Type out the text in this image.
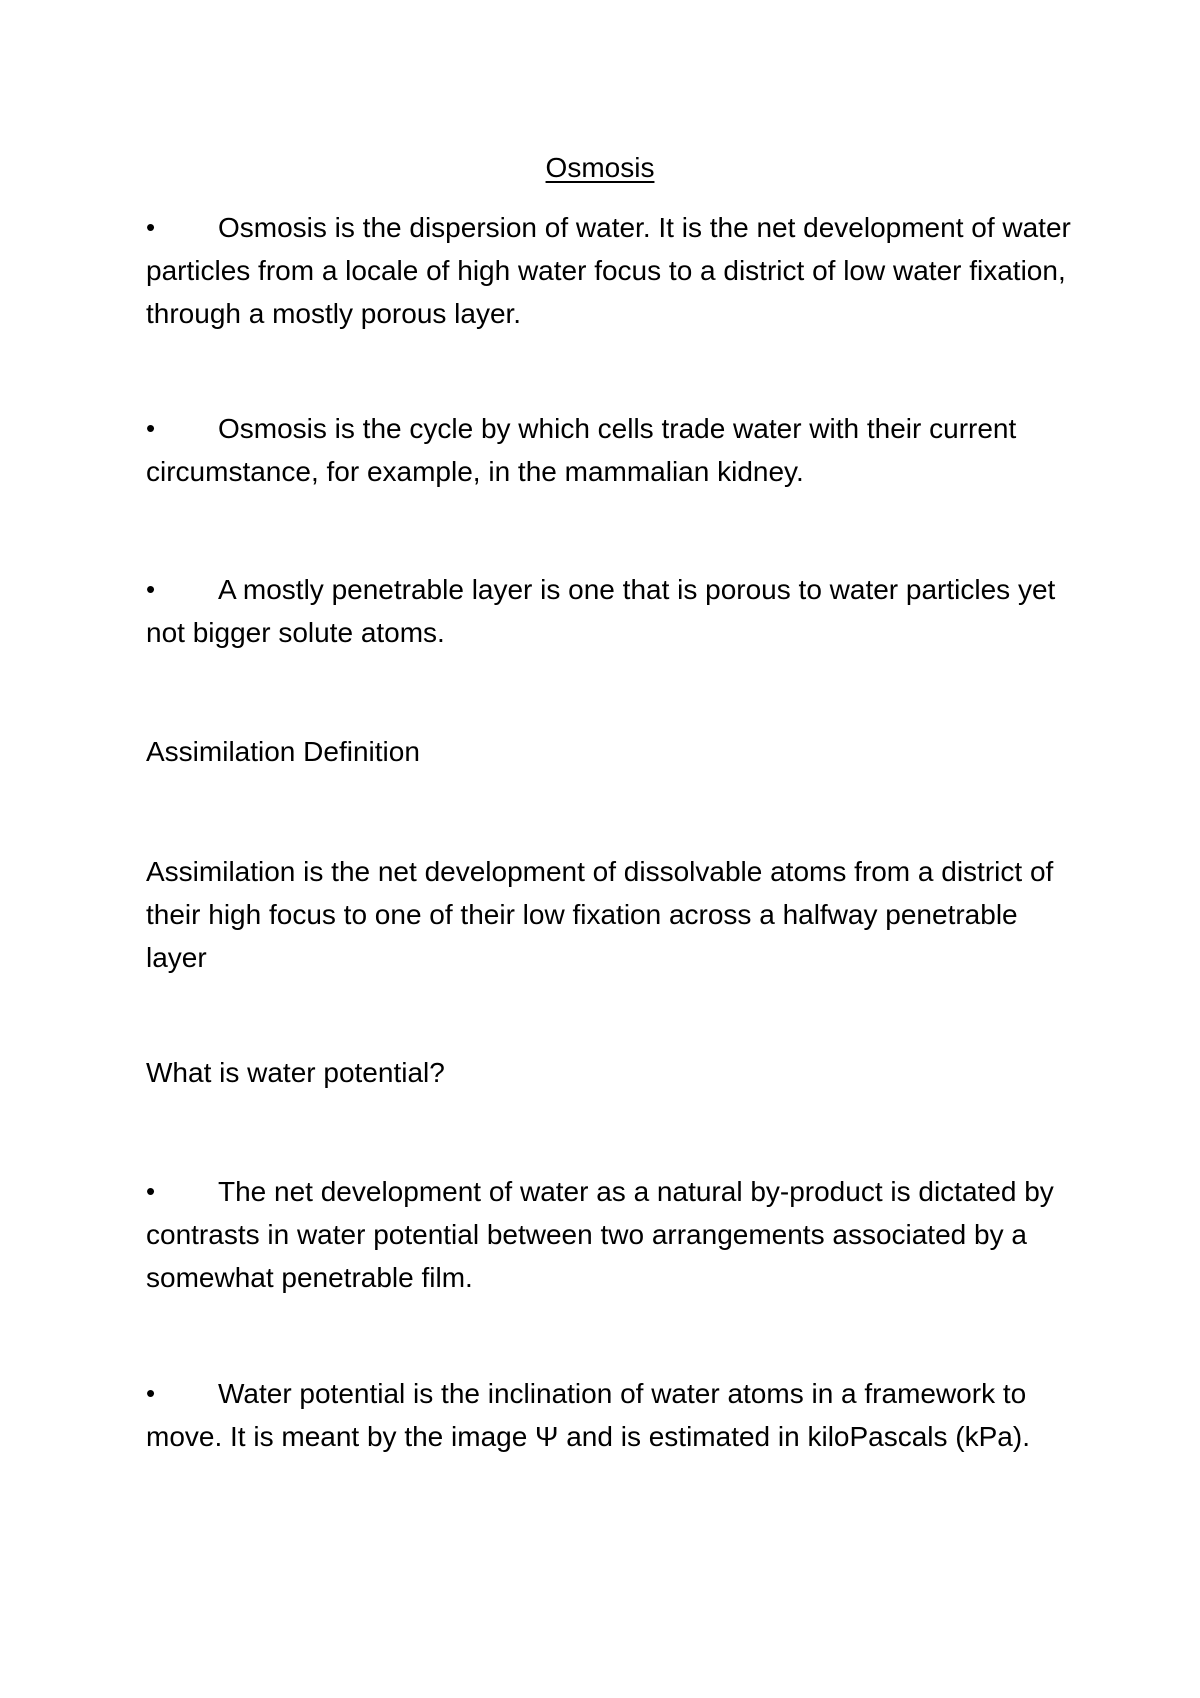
Osmosis
•	Osmosis is the dispersion of water. It is the net development of water particles from a locale of high water focus to a district of low water fixation, through a mostly porous layer.

•	Osmosis is the cycle by which cells trade water with their current circumstance, for example, in the mammalian kidney.

•	A mostly penetrable layer is one that is porous to water particles yet not bigger solute atoms.

Assimilation Definition

Assimilation is the net development of dissolvable atoms from a district of their high focus to one of their low fixation across a halfway penetrable layer

What is water potential?

•	The net development of water as a natural by-product is dictated by contrasts in water potential between two arrangements associated by a somewhat penetrable film.

•	Water potential is the inclination of water atoms in a framework to move. It is meant by the image Ψ and is estimated in kiloPascals (kPa).
